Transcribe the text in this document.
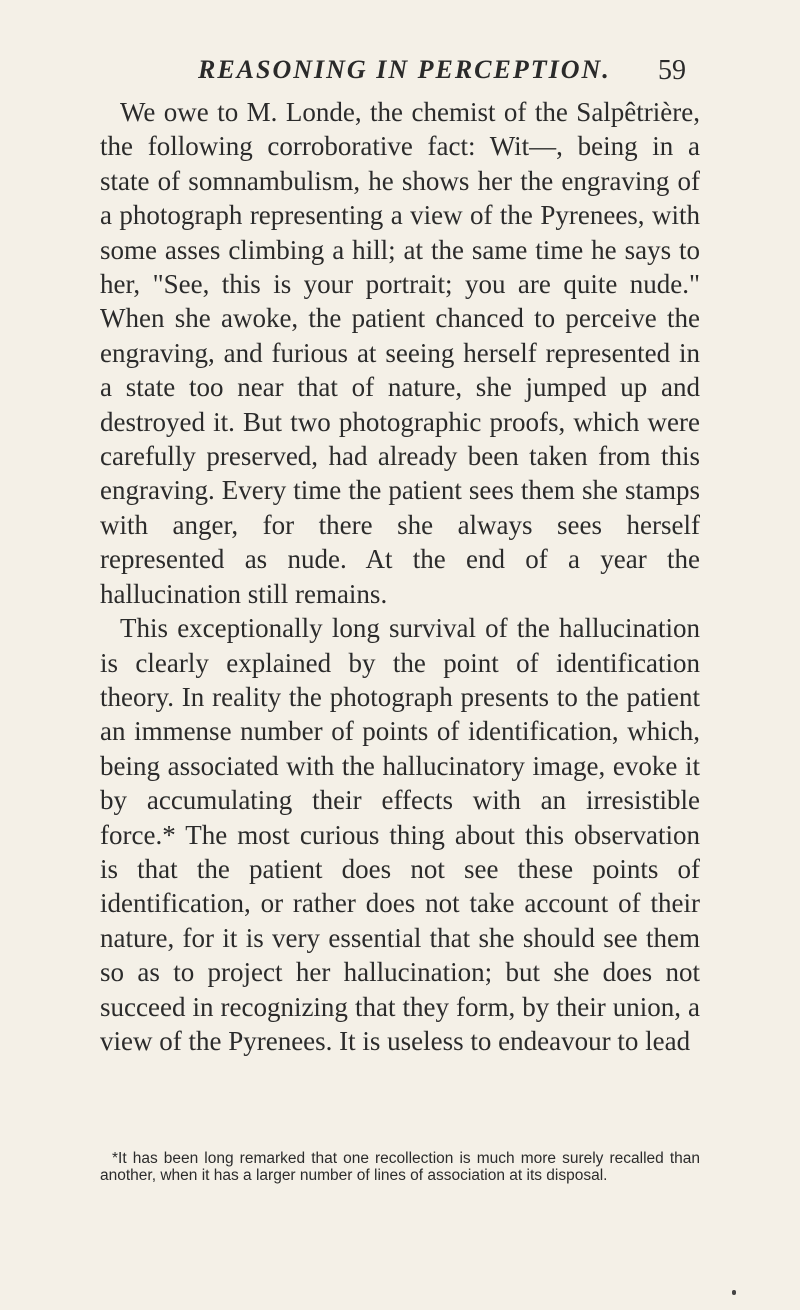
REASONING IN PERCEPTION. 59

We owe to M. Londe, the chemist of the Salpêtrière, the following corroborative fact: Wit—, being in a state of somnambulism, he shows her the engraving of a photograph representing a view of the Pyrenees, with some asses climbing a hill; at the same time he says to her, "See, this is your portrait; you are quite nude." When she awoke, the patient chanced to perceive the engraving, and furious at seeing herself represented in a state too near that of nature, she jumped up and destroyed it. But two photographic proofs, which were carefully preserved, had already been taken from this engraving. Every time the patient sees them she stamps with anger, for there she always sees herself represented as nude. At the end of a year the hallucination still remains.

This exceptionally long survival of the hallucination is clearly explained by the point of identification theory. In reality the photograph presents to the patient an immense number of points of identification, which, being associated with the hallucinatory image, evoke it by accumulating their effects with an irresistible force.* The most curious thing about this observation is that the patient does not see these points of identification, or rather does not take account of their nature, for it is very essential that she should see them so as to project her hallucination; but she does not succeed in recognizing that they form, by their union, a view of the Pyrenees. It is useless to endeavour to lead

*It has been long remarked that one recollection is much more surely recalled than another, when it has a larger number of lines of association at its disposal.
